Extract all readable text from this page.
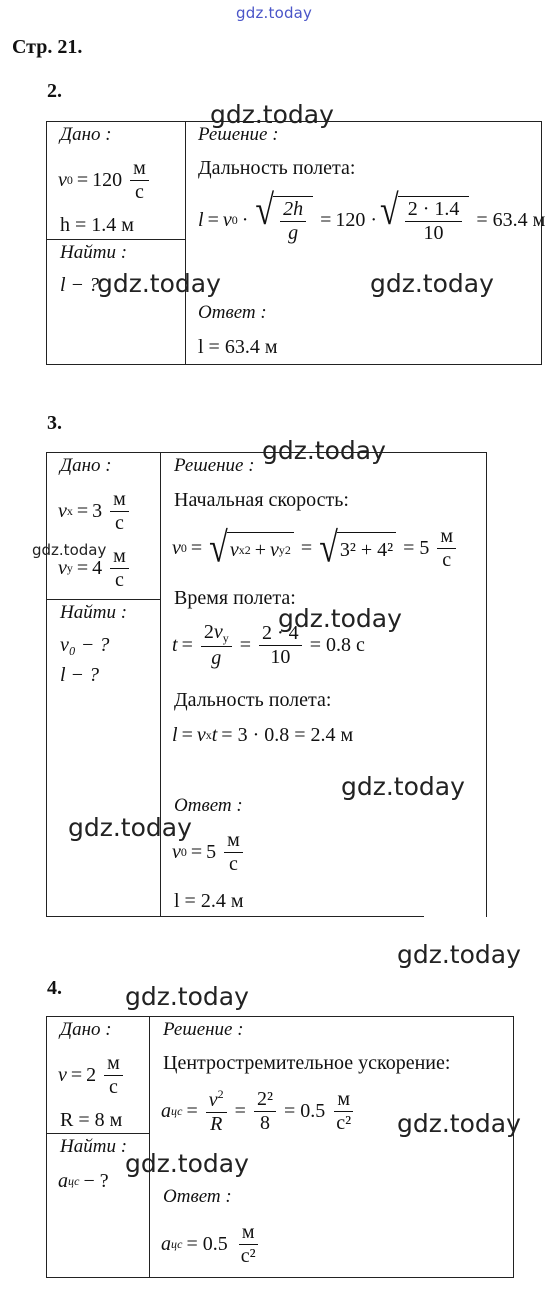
gdz.today
Стр. 21.
2.
Дано :
v $0 = 120 \frac{м}{с}$
h = 1.4 м
Найти :
l − ?
Решение :
Дальность полета:
l = v 0 · √ $\frac{2h}{g} = 120$ · √ $\frac{2 \cdot 1.4}{10} = 63.4$ м
Ответ :
l = 63.4 м
gdz.today
gdz.today	gdz.today
3.
Дано :
v $x = 3 \frac{м}{с}$
v $y = 4 \frac{м}{с}$
Найти :
v₀ − ?
l − ?
Решение :
Начальная скорость:
v 0 = √ v x 2 + v y 2 = √ $3^2 + 4^2 = 5 \frac{м}{с}$
Время полета:
$t = \frac{2v_y}{g} = \frac{2 \cdot 4}{10} = 0.8$ с
Дальность полета:
l = v x t = 3 · 0.8 = 2.4 м
Ответ :
v $0 = 5 \frac{м}{с}$
l = 2.4 м
gdz.today
gdz.today
gdz.today
gdz.today
gdz.today
gdz.today
4.
Дано :
$v = 2 \frac{м}{с}$
R = 8 м
Найти :
a цс − ?
Решение :
Центростремительное ускорение:
a цс = $\frac{v^2}{R} = \frac{\text{2²}}{8} = 0.5 \frac{м}{\text{с²}}$
Ответ :
a цс = $0.5 \frac{м}{\text{с²}}$
gdz.today
gdz.today
gdz.today
